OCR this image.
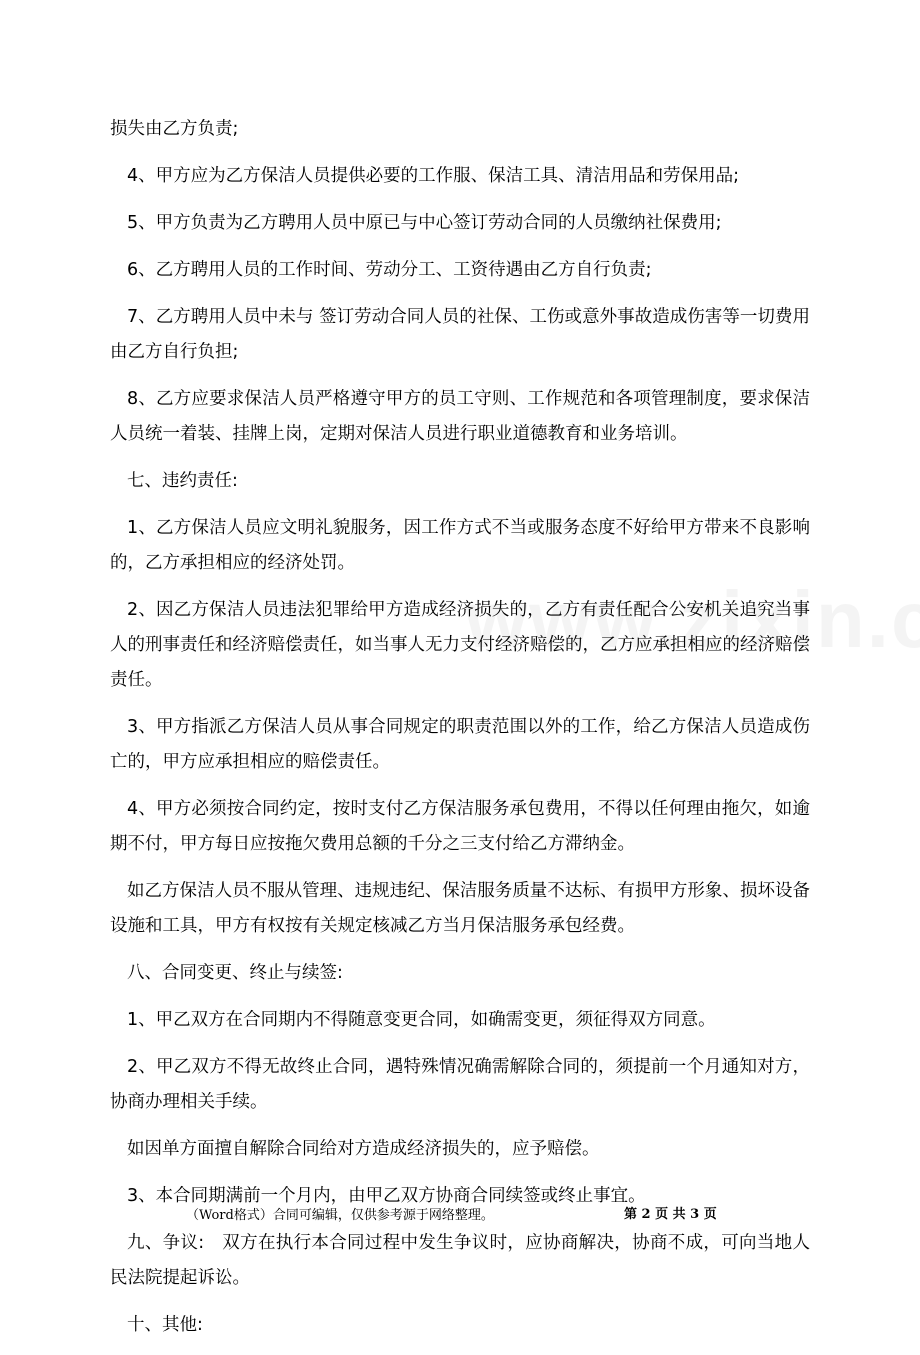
损失由乙方负责;

4、甲方应为乙方保洁人员提供必要的工作服、保洁工具、清洁用品和劳保用品;

5、甲方负责为乙方聘用人员中原已与中心签订劳动合同的人员缴纳社保费用;

6、乙方聘用人员的工作时间、劳动分工、工资待遇由乙方自行负责;

7、乙方聘用人员中未与 签订劳动合同人员的社保、工伤或意外事故造成伤害等一切费用由乙方自行负担;

8、乙方应要求保洁人员严格遵守甲方的员工守则、工作规范和各项管理制度，要求保洁人员统一着装、挂牌上岗，定期对保洁人员进行职业道德教育和业务培训。

七、违约责任:

1、乙方保洁人员应文明礼貌服务，因工作方式不当或服务态度不好给甲方带来不良影响的，乙方承担相应的经济处罚。

2、因乙方保洁人员违法犯罪给甲方造成经济损失的，乙方有责任配合公安机关追究当事人的刑事责任和经济赔偿责任，如当事人无力支付经济赔偿的，乙方应承担相应的经济赔偿责任。

3、甲方指派乙方保洁人员从事合同规定的职责范围以外的工作，给乙方保洁人员造成伤亡的，甲方应承担相应的赔偿责任。

4、甲方必须按合同约定，按时支付乙方保洁服务承包费用，不得以任何理由拖欠，如逾期不付，甲方每日应按拖欠费用总额的千分之三支付给乙方滞纳金。

如乙方保洁人员不服从管理、违规违纪、保洁服务质量不达标、有损甲方形象、损坏设备设施和工具，甲方有权按有关规定核减乙方当月保洁服务承包经费。

八、合同变更、终止与续签:

1、甲乙双方在合同期内不得随意变更合同，如确需变更，须征得双方同意。

2、甲乙双方不得无故终止合同，遇特殊情况确需解除合同的，须提前一个月通知对方，协商办理相关手续。

如因单方面擅自解除合同给对方造成经济损失的，应予赔偿。

3、本合同期满前一个月内，由甲乙双方协商合同续签或终止事宜。

九、争议:　双方在执行本合同过程中发生争议时，应协商解决，协商不成，可向当地人民法院提起诉讼。

十、其他:

（Word格式）合同可编辑，仅供参考源于网络整理。	第 2 页 共 3 页
